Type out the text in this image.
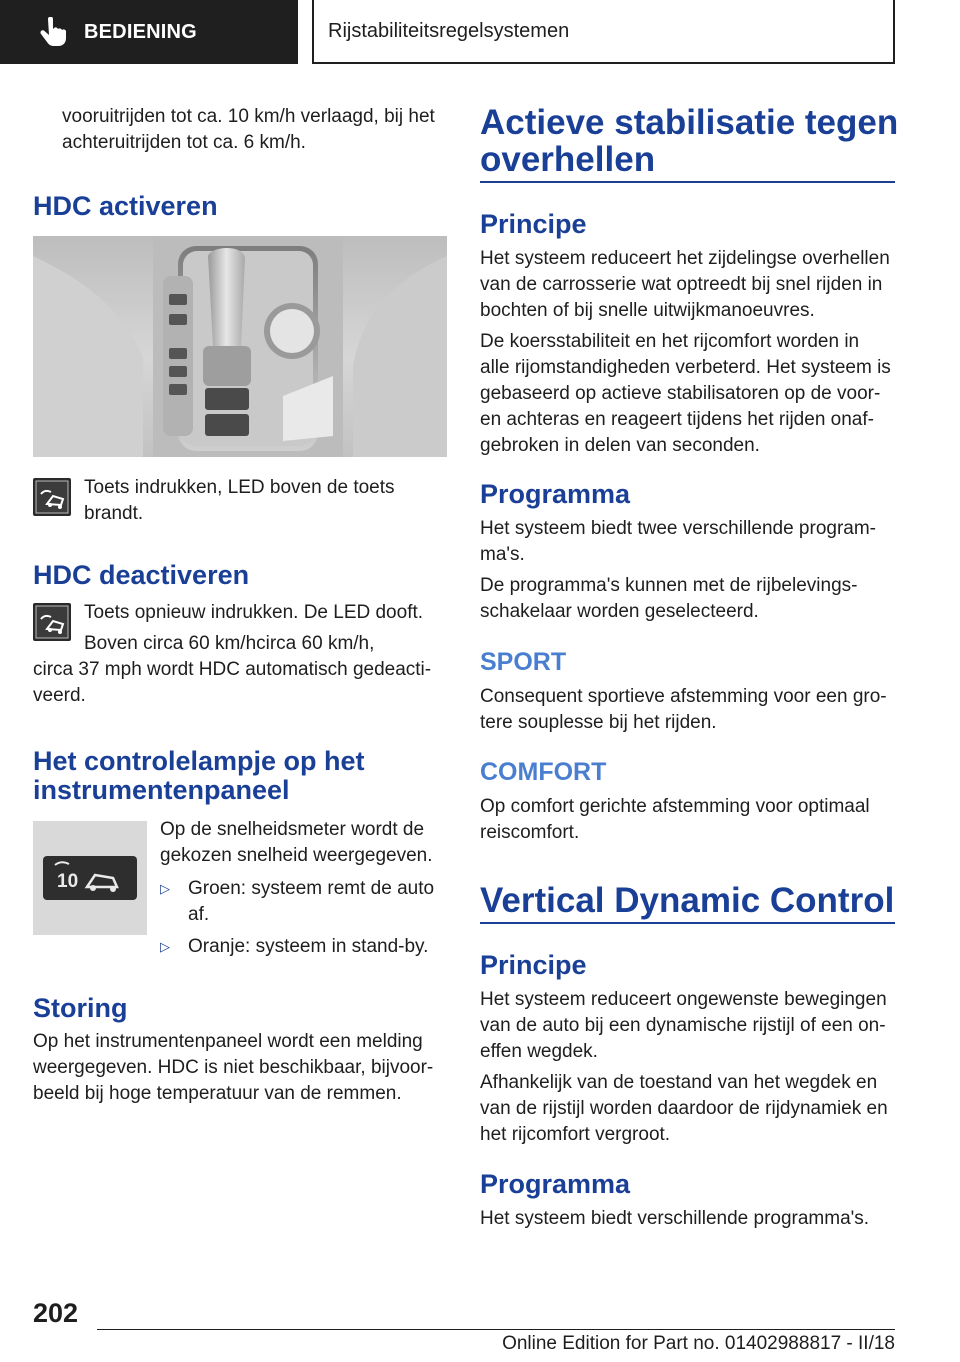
BEDIENING	Rijstabiliteitsregelsystemen

vooruitrijden tot ca. 10 km/h verlaagd, bij het

achteruitrijden tot ca. 6 km/h.

HDC activeren

Toets indrukken, LED boven de toets

brandt.

HDC deactiveren

Toets opnieuw indrukken. De LED dooft.

Boven circa 60 km/hcirca 60 km/h,

circa 37 mph wordt HDC automatisch gedeacti-

veerd.

Het controlelampje op het
instrumentenpaneel
10

Op de snelheidsmeter wordt de

gekozen snelheid weergegeven.

▷ Groen: systeem remt de auto
af.
▷ Oranje: systeem in stand-by.
Storing

Op het instrumentenpaneel wordt een melding

weergegeven. HDC is niet beschikbaar, bijvoor-

beeld bij hoge temperatuur van de remmen.

Actieve stabilisatie tegen
overhellen
Principe

Het systeem reduceert het zijdelingse overhellen

van de carrosserie wat optreedt bij snel rijden in

bochten of bij snelle uitwijkmanoeuvres.

De koersstabiliteit en het rijcomfort worden in

alle rijomstandigheden verbeterd. Het systeem is

gebaseerd op actieve stabilisatoren op de voor-

en achteras en reageert tijdens het rijden onaf-

gebroken in delen van seconden.

Programma

Het systeem biedt twee verschillende program-

ma's.

De programma's kunnen met de rijbelevings-

schakelaar worden geselecteerd.

SPORT

Consequent sportieve afstemming voor een gro-

tere souplesse bij het rijden.

COMFORT

Op comfort gerichte afstemming voor optimaal

reiscomfort.

Vertical Dynamic Control
Principe

Het systeem reduceert ongewenste bewegingen

van de auto bij een dynamische rijstijl of een on-

effen wegdek.

Afhankelijk van de toestand van het wegdek en

van de rijstijl worden daardoor de rijdynamiek en

het rijcomfort vergroot.

Programma

Het systeem biedt verschillende programma's.

202
Online Edition for Part no. 01402988817 - II/18
